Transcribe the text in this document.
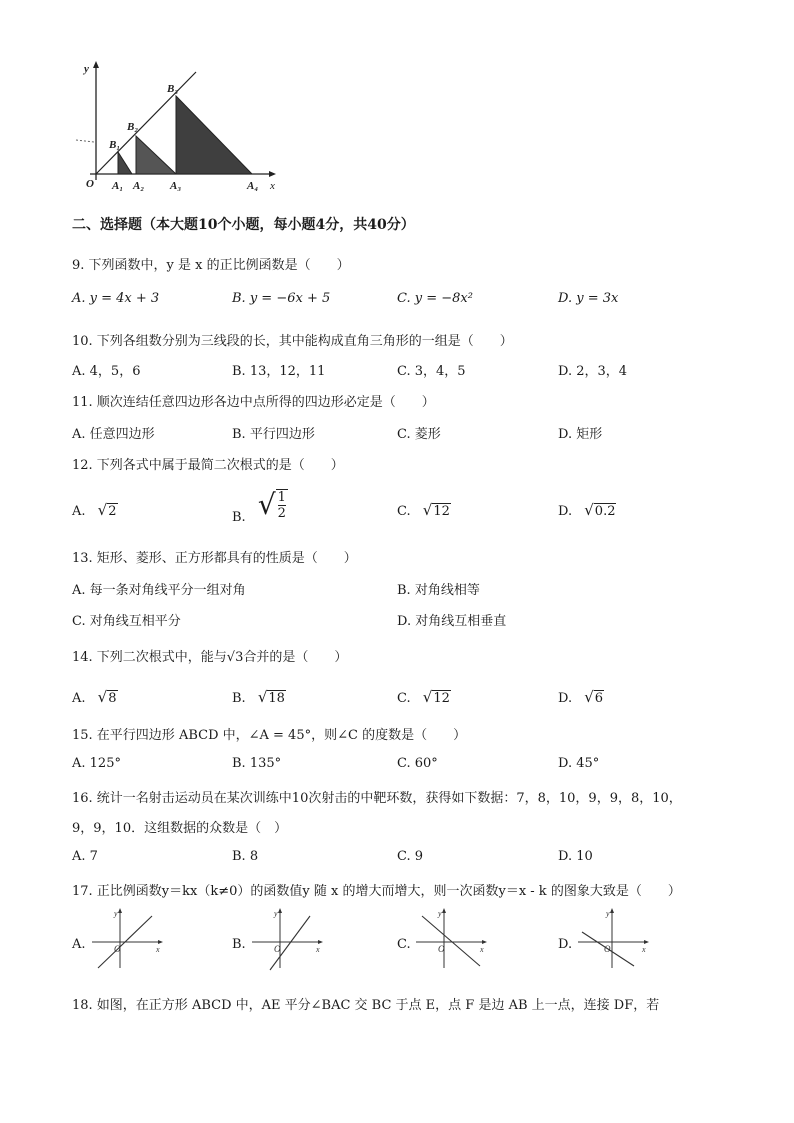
y
x
O A₁ A₂ A₃	A₄
B₁
B₂
B₃
二、选择题（本大题10个小题，每小题4分，共40分）
9. 下列函数中，y 是 x 的正比例函数是（　　）
A. y = 4x + 3	B. y = −6x + 5	C. y = −8x²	D. y = 3x
10. 下列各组数分别为三线段的长，其中能构成直角三角形的一组是（　　）
A. 4，5，6	B. 13，12，11	C. 3，4，5	D. 2，3，4
11. 顺次连结任意四边形各边中点所得的四边形必定是（　　）
A. 任意四边形	B. 平行四边形	C. 菱形	D. 矩形
12. 下列各式中属于最简二次根式的是（　　）
A. √2	B. √ $\frac{1}{2}$	C. √12	D. √0.2
13. 矩形、菱形、正方形都具有的性质是（　　）
A. 每一条对角线平分一组对角	B. 对角线相等
C. 对角线互相平分	D. 对角线互相垂直
14. 下列二次根式中，能与√3合并的是（　　）
A. √8	B. √18	C. √12	D. √6
15. 在平行四边形 ABCD 中，∠A = 45°，则∠C 的度数是（　　）
A. 125°	B. 135°	C. 60°	D. 45°
16. 统计一名射击运动员在某次训练中10次射击的中靶环数，获得如下数据：7，8，10，9，9，8，10，
9，9，10．这组数据的众数是（　）
A. 7	B. 8	C. 9	D. 10
17. 正比例函数y＝kx（k≠0）的函数值y 随 x 的增大而增大，则一次函数y＝x - k 的图象大致是（　　）
A.
y
x
O	B.
y
x
O	C.
y
x
O	D.
y
x
O
18. 如图，在正方形 ABCD 中，AE 平分∠BAC 交 BC 于点 E，点 F 是边 AB 上一点，连接 DF，若
